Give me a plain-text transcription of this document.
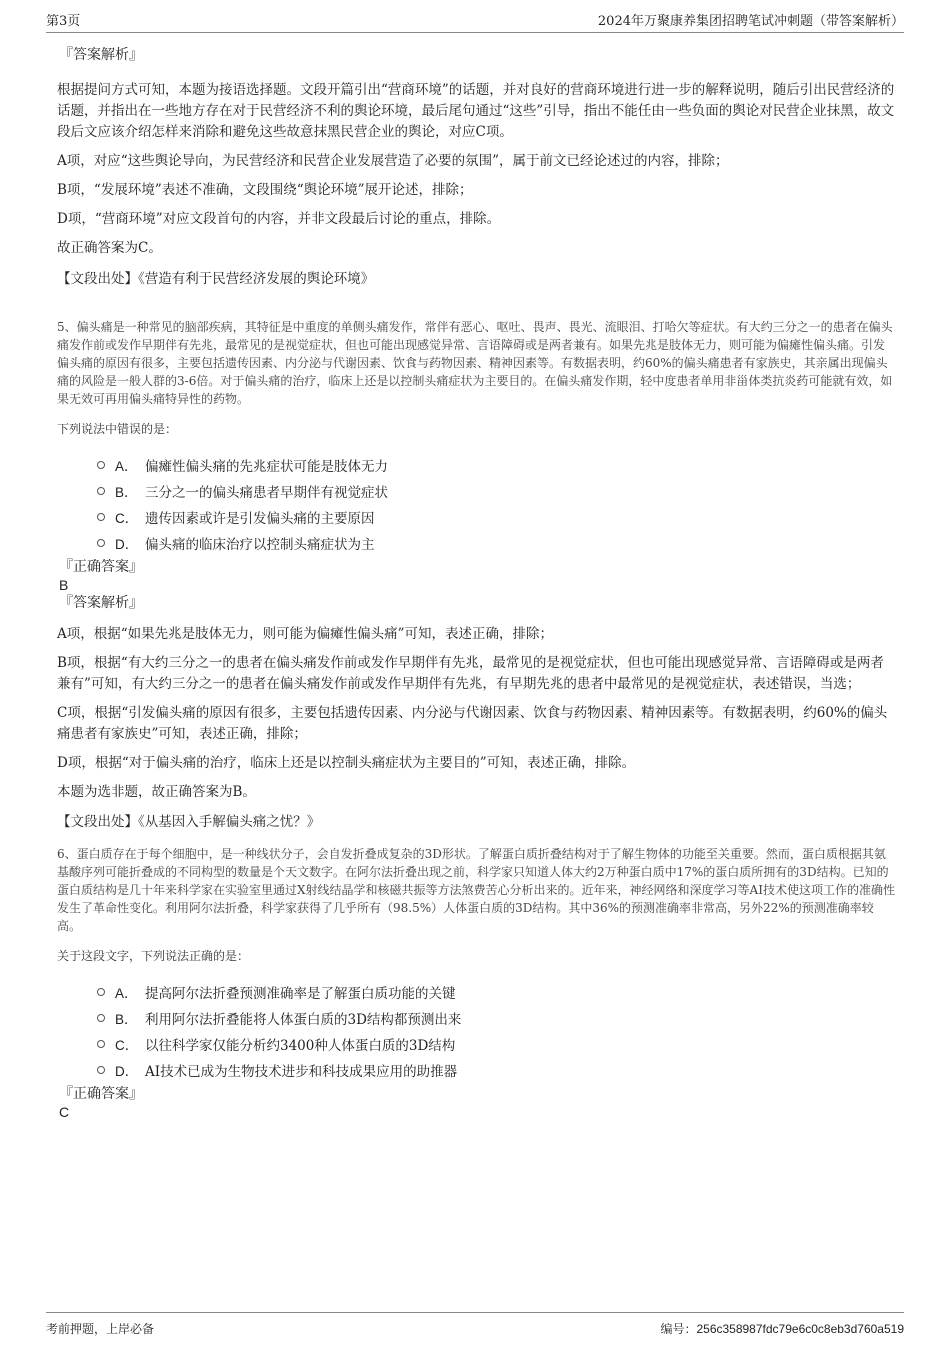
第3页	2024年万聚康养集团招聘笔试冲刺题（带答案解析）
『答案解析』

根据提问方式可知，本题为接语选择题。文段开篇引出“营商环境”的话题，并对良好的营商环境进行进一步的解释说明，随后引出民营经济的话题，并指出在一些地方存在对于民营经济不利的舆论环境，最后尾句通过“这些”引导，指出不能任由一些负面的舆论对民营企业抹黑，故文段后文应该介绍怎样来消除和避免这些故意抹黑民营企业的舆论，对应C项。

A项，对应“这些舆论导向，为民营经济和民营企业发展营造了必要的氛围”，属于前文已经论述过的内容，排除；

B项，“发展环境”表述不准确，文段围绕“舆论环境”展开论述，排除；

D项，“营商环境”对应文段首句的内容，并非文段最后讨论的重点，排除。

故正确答案为C。

【文段出处】《营造有利于民营经济发展的舆论环境》

5、偏头痛是一种常见的脑部疾病，其特征是中重度的单侧头痛发作，常伴有恶心、呕吐、畏声、畏光、流眼泪、打哈欠等症状。有大约三分之一的患者在偏头痛发作前或发作早期伴有先兆，最常见的是视觉症状，但也可能出现感觉异常、言语障碍或是两者兼有。如果先兆是肢体无力，则可能为偏瘫性偏头痛。引发偏头痛的原因有很多，主要包括遗传因素、内分泌与代谢因素、饮食与药物因素、精神因素等。有数据表明，约60%的偏头痛患者有家族史，其亲属出现偏头痛的风险是一般人群的3-6倍。对于偏头痛的治疗，临床上还是以控制头痛症状为主要目的。在偏头痛发作期，轻中度患者单用非甾体类抗炎药可能就有效，如果无效可再用偏头痛特异性的药物。

下列说法中错误的是：

A． 偏瘫性偏头痛的先兆症状可能是肢体无力
B． 三分之一的偏头痛患者早期伴有视觉症状
C． 遗传因素或许是引发偏头痛的主要原因
D． 偏头痛的临床治疗以控制头痛症状为主
『正确答案』
B
『答案解析』

A项，根据“如果先兆是肢体无力，则可能为偏瘫性偏头痛”可知，表述正确，排除；

B项，根据“有大约三分之一的患者在偏头痛发作前或发作早期伴有先兆，最常见的是视觉症状，但也可能出现感觉异常、言语障碍或是两者兼有”可知，有大约三分之一的患者在偏头痛发作前或发作早期伴有先兆，有早期先兆的患者中最常见的是视觉症状，表述错误，当选；

C项，根据“引发偏头痛的原因有很多，主要包括遗传因素、内分泌与代谢因素、饮食与药物因素、精神因素等。有数据表明，约60%的偏头痛患者有家族史”可知，表述正确，排除；

D项，根据“对于偏头痛的治疗，临床上还是以控制头痛症状为主要目的”可知，表述正确，排除。

本题为选非题，故正确答案为B。

【文段出处】《从基因入手解偏头痛之忧？》

6、蛋白质存在于每个细胞中，是一种线状分子，会自发折叠成复杂的3D形状。了解蛋白质折叠结构对于了解生物体的功能至关重要。然而，蛋白质根据其氨基酸序列可能折叠成的不同构型的数量是个天文数字。在阿尔法折叠出现之前，科学家只知道人体大约2万种蛋白质中17%的蛋白质所拥有的3D结构。已知的蛋白质结构是几十年来科学家在实验室里通过X射线结晶学和核磁共振等方法煞费苦心分析出来的。近年来，神经网络和深度学习等AI技术使这项工作的准确性发生了革命性变化。利用阿尔法折叠，科学家获得了几乎所有（98.5%）人体蛋白质的3D结构。其中36%的预测准确率非常高，另外22%的预测准确率较高。

关于这段文字，下列说法正确的是：

A． 提高阿尔法折叠预测准确率是了解蛋白质功能的关键
B． 利用阿尔法折叠能将人体蛋白质的3D结构都预测出来
C． 以往科学家仅能分析约3400种人体蛋白质的3D结构
D． AI技术已成为生物技术进步和科技成果应用的助推器
『正确答案』
C
考前押题，上岸必备	编号：256c358987fdc79e6c0c8eb3d760a519
